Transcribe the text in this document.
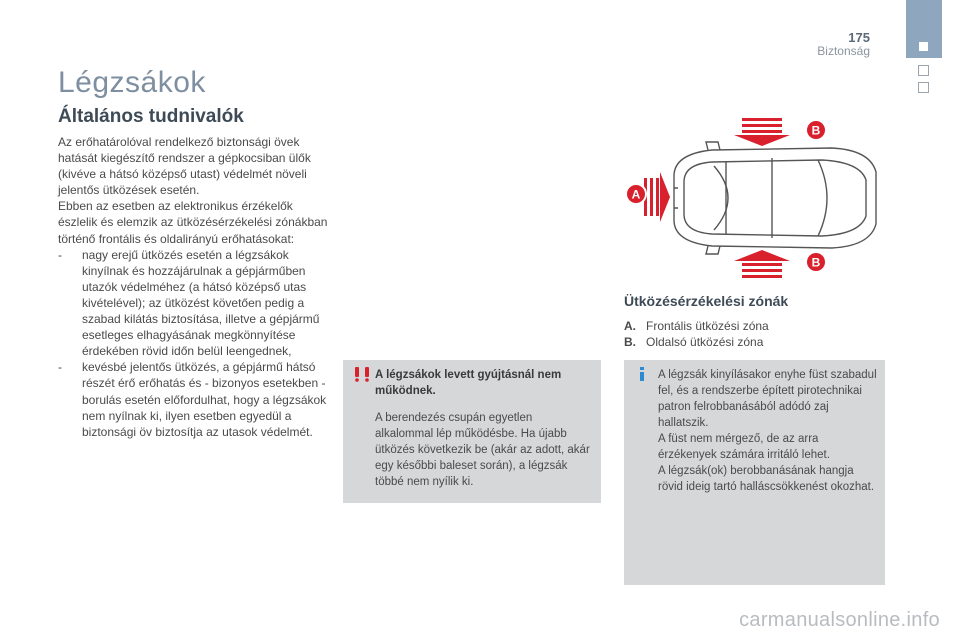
175
Biztonság
Légzsákok
Általános tudnivalók

Az erőhatárolóval rendelkező biztonsági övek hatását kiegészítő rendszer a gépkocsiban ülők (kivéve a hátsó középső utast) védelmét növeli jelentős ütközések esetén.

Ebben az esetben az elektronikus érzékelők észlelik és elemzik az ütközésérzékelési zónákban történő frontális és oldalirányú erőhatásokat:

- nagy erejű ütközés esetén a légzsákok kinyílnak és hozzájárulnak a gépjárműben utazók védelméhez (a hátsó középső utas kivételével); az ütközést követően pedig a szabad kilátás biztosítása, illetve a gépjármű esetleges elhagyásának megkönnyítése érdekében rövid időn belül leengednek,

- kevésbé jelentős ütközés, a gépjármű hátsó részét érő erőhatás és - bizonyos esetekben - borulás esetén előfordulhat, hogy a légzsákok nem nyílnak ki, ilyen esetben egyedül a biztonsági öv biztosítja az utasok védelmét.

A
B
B
Ütközésérzékelési zónák
A. Frontális ütközési zóna
B. Oldalsó ütközési zóna
A légzsákok levett gyújtásnál nem működnek.
A berendezés csupán egyetlen alkalommal lép működésbe. Ha újabb ütközés következik be (akár az adott, akár egy későbbi baleset során), a légzsák többé nem nyílik ki.
A légzsák kinyílásakor enyhe füst szabadul fel, és a rendszerbe épített pirotechnikai patron felrobbanásából adódó zaj hallatszik.
A füst nem mérgező, de az arra érzékenyek számára irritáló lehet.
A légzsák(ok) berobbanásának hangja rövid ideig tartó halláscsökkenést okozhat.
carmanualsonline.info
